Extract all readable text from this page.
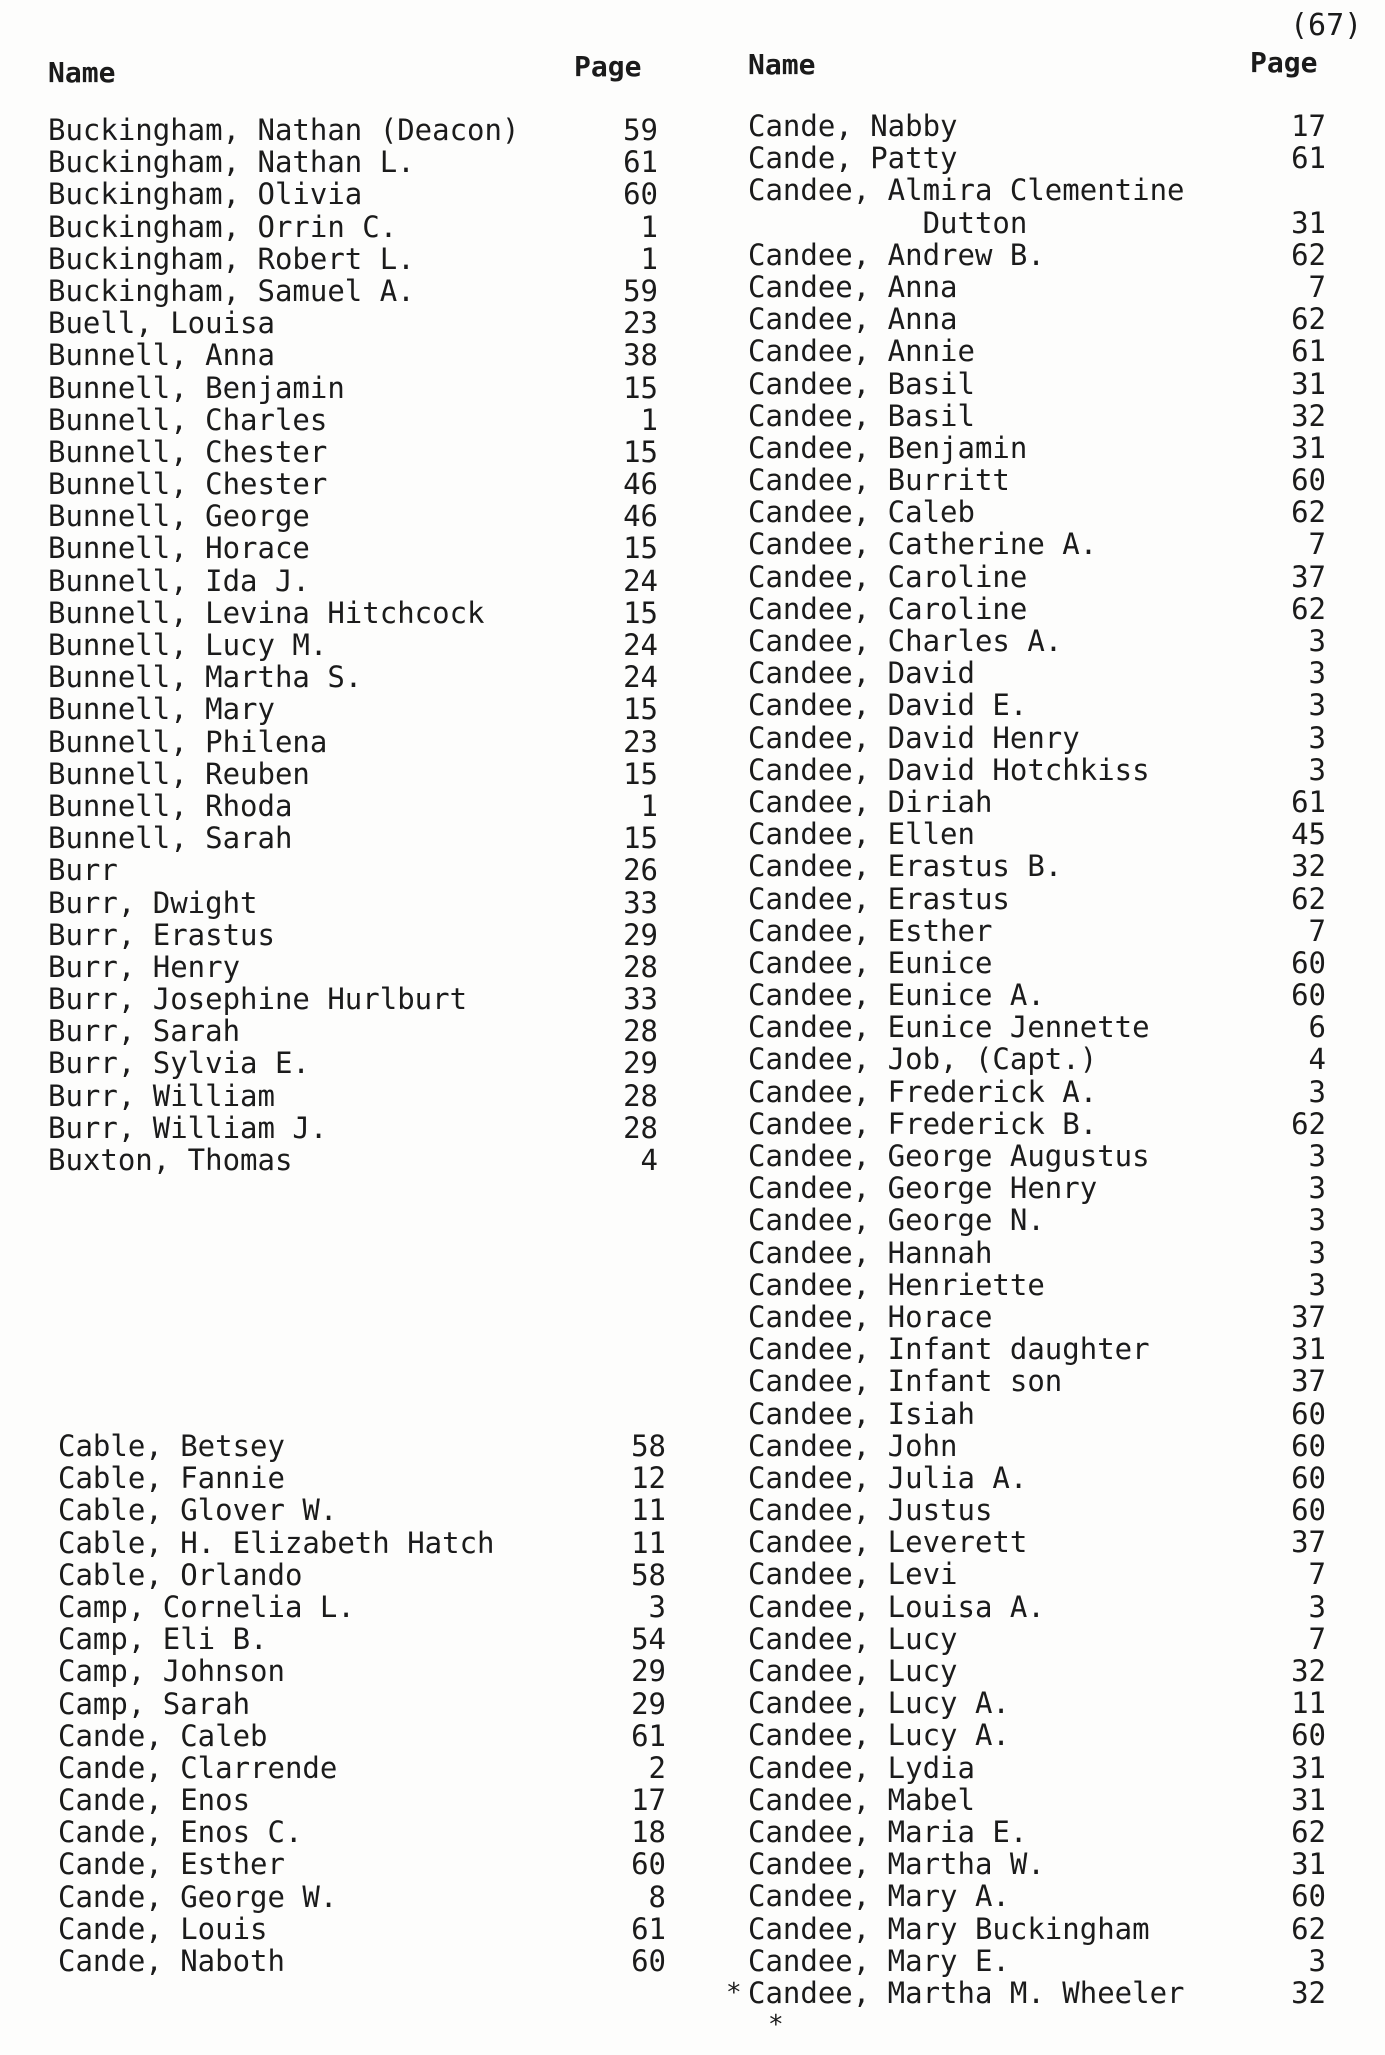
(67)
Name	Page	Name	Page
Buckingham, Nathan (Deacon)	59
Buckingham, Nathan L.	61
Buckingham, Olivia	60
Buckingham, Orrin C.	1
Buckingham, Robert L.	1
Buckingham, Samuel A.	59
Buell, Louisa	23
Bunnell, Anna	38
Bunnell, Benjamin	15
Bunnell, Charles	1
Bunnell, Chester	15
Bunnell, Chester	46
Bunnell, George	46
Bunnell, Horace	15
Bunnell, Ida J.	24
Bunnell, Levina Hitchcock	15
Bunnell, Lucy M.	24
Bunnell, Martha S.	24
Bunnell, Mary	15
Bunnell, Philena	23
Bunnell, Reuben	15
Bunnell, Rhoda	1
Bunnell, Sarah	15
Burr	26
Burr, Dwight	33
Burr, Erastus	29
Burr, Henry	28
Burr, Josephine Hurlburt	33
Burr, Sarah	28
Burr, Sylvia E.	29
Burr, William	28
Burr, William J.	28
Buxton, Thomas	4
Cable, Betsey	58
Cable, Fannie	12
Cable, Glover W.	11
Cable, H. Elizabeth Hatch	11
Cable, Orlando	58
Camp, Cornelia L.	3
Camp, Eli B.	54
Camp, Johnson	29
Camp, Sarah	29
Cande, Caleb	61
Cande, Clarrende	2
Cande, Enos	17
Cande, Enos C.	18
Cande, Esther	60
Cande, George W.	8
Cande, Louis	61
Cande, Naboth	60
Cande, Nabby	17
Cande, Patty	61
Candee, Almira Clementine
Dutton	31
Candee, Andrew B.	62
Candee, Anna	7
Candee, Anna	62
Candee, Annie	61
Candee, Basil	31
Candee, Basil	32
Candee, Benjamin	31
Candee, Burritt	60
Candee, Caleb	62
Candee, Catherine A.	7
Candee, Caroline	37
Candee, Caroline	62
Candee, Charles A.	3
Candee, David	3
Candee, David E.	3
Candee, David Henry	3
Candee, David Hotchkiss	3
Candee, Diriah	61
Candee, Ellen	45
Candee, Erastus B.	32
Candee, Erastus	62
Candee, Esther	7
Candee, Eunice	60
Candee, Eunice A.	60
Candee, Eunice Jennette	6
Candee, Job, (Capt.)	4
Candee, Frederick A.	3
Candee, Frederick B.	62
Candee, George Augustus	3
Candee, George Henry	3
Candee, George N.	3
Candee, Hannah	3
Candee, Henriette	3
Candee, Horace	37
Candee, Infant daughter	31
Candee, Infant son	37
Candee, Isiah	60
Candee, John	60
Candee, Julia A.	60
Candee, Justus	60
Candee, Leverett	37
Candee, Levi	7
Candee, Louisa A.	3
Candee, Lucy	7
Candee, Lucy	32
Candee, Lucy A.	11
Candee, Lucy A.	60
Candee, Lydia	31
Candee, Mabel	31
Candee, Maria E.	62
Candee, Martha W.	31
Candee, Mary A.	60
Candee, Mary Buckingham	62
Candee, Mary E.	3
Candee, Martha M. Wheeler	32
*
*
